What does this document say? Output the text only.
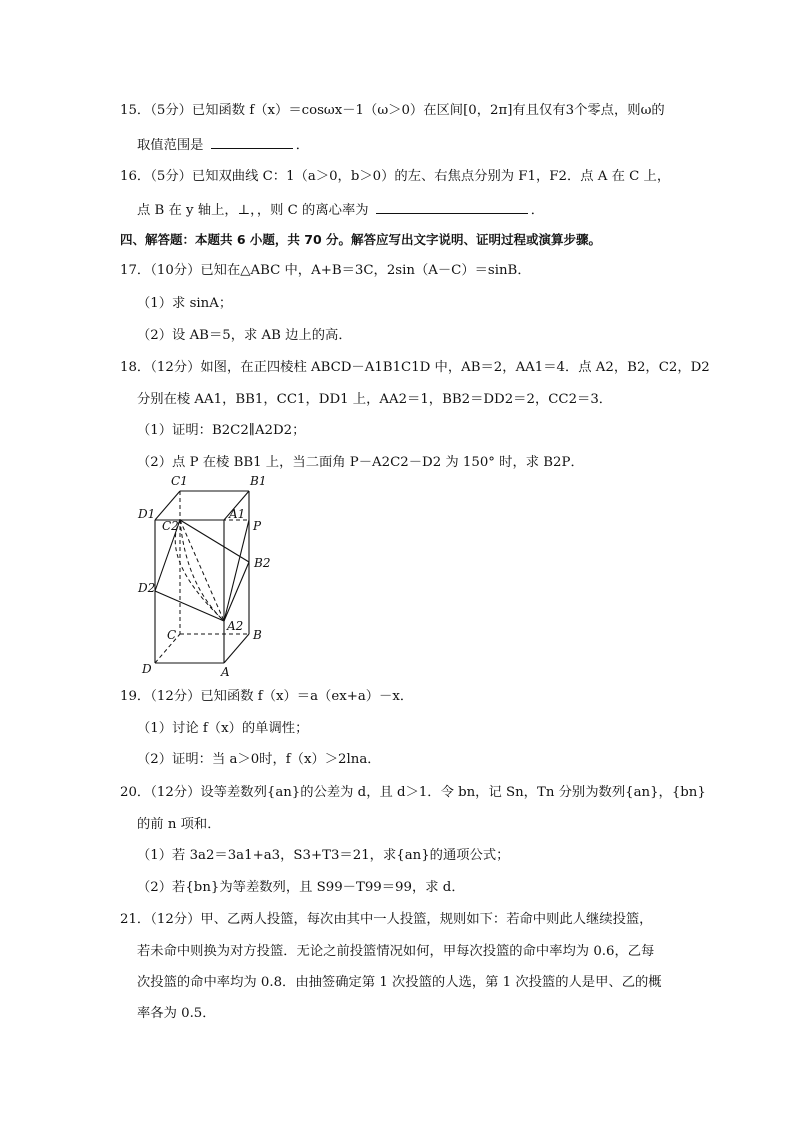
15．（5分）已知函数 f（x）＝cosωx－1（ω＞0）在区间[0，2π]有且仅有3个零点，则ω的
取值范围是	．
16．（5分）已知双曲线 C：1（a＞0，b＞0）的左、右焦点分别为 F1，F2．点 A 在 C 上，
点 B 在 y 轴上，⊥，，则 C 的离心率为	．
四、解答题：本题共 6 小题，共 70 分。解答应写出文字说明、证明过程或演算步骤。
17．（10分）已知在△ABC 中，A+B＝3C，2sin（A－C）＝sinB．
（1）求 sinA；
（2）设 AB＝5，求 AB 边上的高．
18．（12分）如图，在正四棱柱 ABCD－A1B1C1D 中，AB＝2，AA1＝4．点 A2，B2，C2，D2
分别在棱 AA1，BB1，CC1，DD1 上，AA2＝1，BB2＝DD2＝2，CC2＝3．
（1）证明：B2C2∥A2D2；
（2）点 P 在棱 BB1 上，当二面角 P－A2C2－D2 为 150° 时，求 B2P．
C1	B1
D1	A1
C2	P
B2
D2
A2
C	B
D	A
19．（12分）已知函数 f（x）＝a（ex+a）－x．
（1）讨论 f（x）的单调性；
（2）证明：当 a＞0时，f（x）＞2lna．
20．（12分）设等差数列{an}的公差为 d，且 d＞1．令 bn，记 Sn，Tn 分别为数列{an}，{bn}
的前 n 项和．
（1）若 3a2＝3a1+a3，S3+T3＝21，求{an}的通项公式；
（2）若{bn}为等差数列，且 S99－T99＝99，求 d．
21．（12分）甲、乙两人投篮，每次由其中一人投篮，规则如下：若命中则此人继续投篮，
若未命中则换为对方投篮．无论之前投篮情况如何，甲每次投篮的命中率均为 0.6，乙每
次投篮的命中率均为 0.8．由抽签确定第 1 次投篮的人选，第 1 次投篮的人是甲、乙的概
率各为 0.5．
